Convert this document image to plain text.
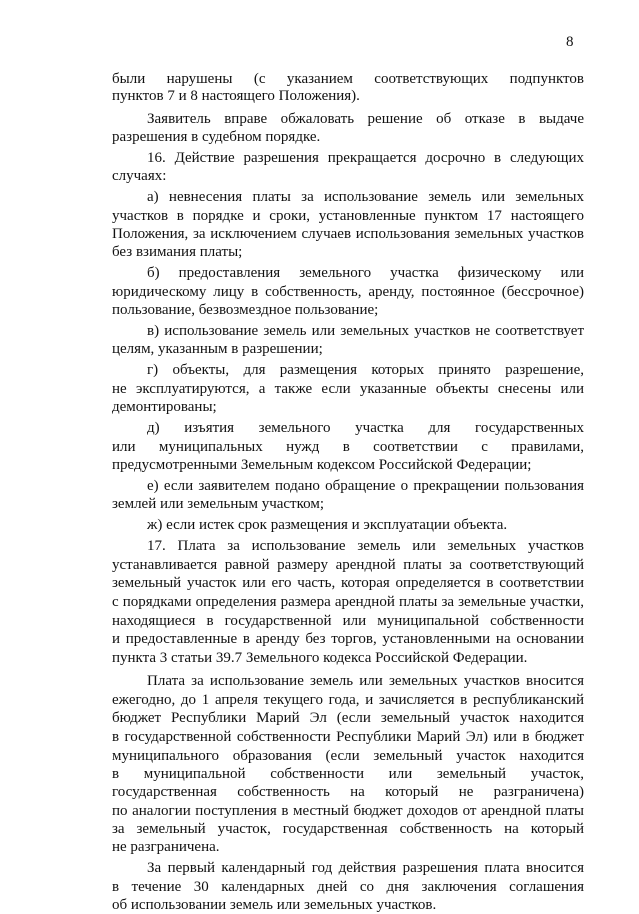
8
были нарушены (с указанием соответствующих подпунктов
пунктов 7 и 8 настоящего Положения).
Заявитель вправе обжаловать решение об отказе в выдаче
разрешения в судебном порядке.
16. Действие разрешения прекращается досрочно в следующих
случаях:
а) невнесения платы за использование земель или земельных
участков в порядке и сроки, установленные пунктом 17 настоящего
Положения, за исключением случаев использования земельных участков
без взимания платы;
б) предоставления земельного участка физическому или
юридическому лицу в собственность, аренду, постоянное (бессрочное)
пользование, безвозмездное пользование;
в) использование земель или земельных участков не соответствует
целям, указанным в разрешении;
г) объекты, для размещения которых принято разрешение,
не эксплуатируются, а также если указанные объекты снесены или
демонтированы;
д) изъятия земельного участка для государственных
или муниципальных нужд в соответствии с правилами,
предусмотренными Земельным кодексом Российской Федерации;
е) если заявителем подано обращение о прекращении пользования
землей или земельным участком;
ж) если истек срок размещения и эксплуатации объекта.
17. Плата за использование земель или земельных участков
устанавливается равной размеру арендной платы за соответствующий
земельный участок или его часть, которая определяется в соответствии
с порядками определения размера арендной платы за земельные участки,
находящиеся в государственной или муниципальной собственности
и предоставленные в аренду без торгов, установленными на основании
пункта 3 статьи 39.7 Земельного кодекса Российской Федерации.
Плата за использование земель или земельных участков вносится
ежегодно, до 1 апреля текущего года, и зачисляется в республиканский
бюджет Республики Марий Эл (если земельный участок находится
в государственной собственности Республики Марий Эл) или в бюджет
муниципального образования (если земельный участок находится
в муниципальной собственности или земельный участок,
государственная собственность на который не разграничена)
по аналогии поступления в местный бюджет доходов от арендной платы
за земельный участок, государственная собственность на который
не разграничена.
За первый календарный год действия разрешения плата вносится
в течение 30 календарных дней со дня заключения соглашения
об использовании земель или земельных участков.
